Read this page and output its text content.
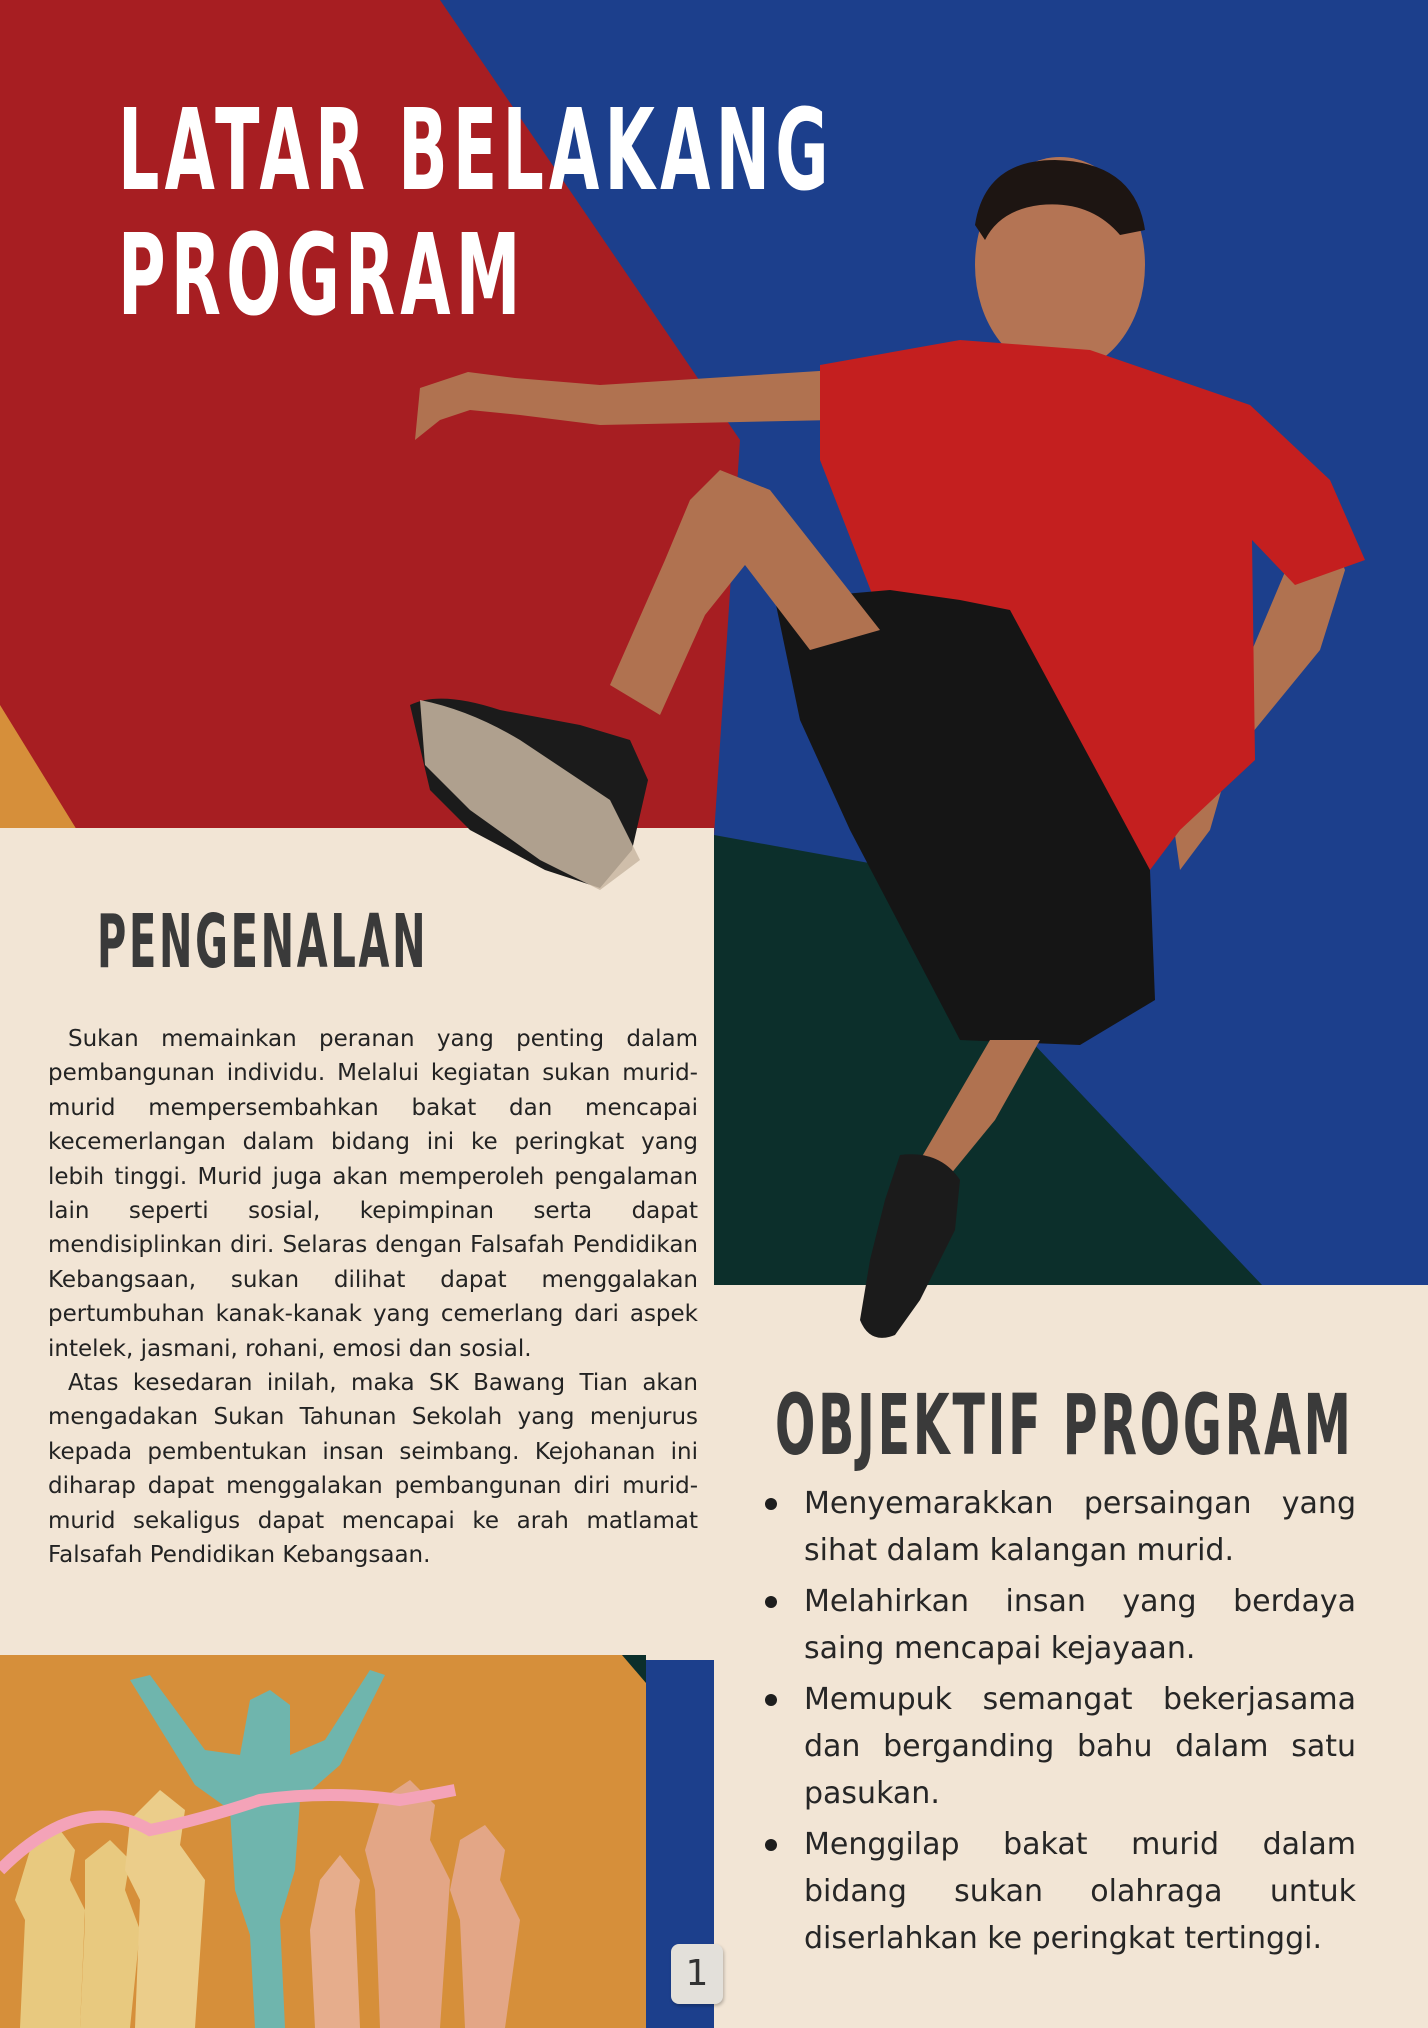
LATAR BELAKANG
PROGRAM
PENGENALAN

Sukan memainkan peranan yang penting dalam pembangunan individu. Melalui kegiatan sukan murid-murid mempersembahkan bakat dan mencapai kecemerlangan dalam bidang ini ke peringkat yang lebih tinggi. Murid juga akan memperoleh pengalaman lain seperti sosial, kepimpinan serta dapat mendisiplinkan diri. Selaras dengan Falsafah Pendidikan Kebangsaan, sukan dilihat dapat menggalakan pertumbuhan kanak-kanak yang cemerlang dari aspek intelek, jasmani, rohani, emosi dan sosial.

Atas kesedaran inilah, maka SK Bawang Tian akan mengadakan Sukan Tahunan Sekolah yang menjurus kepada pembentukan insan seimbang. Kejohanan ini diharap dapat menggalakan pembangunan diri murid-murid sekaligus dapat mencapai ke arah matlamat Falsafah Pendidikan Kebangsaan.

OBJEKTIF PROGRAM
Menyemarakkan persaingan yang sihat dalam kalangan murid.
Melahirkan insan yang berdaya saing mencapai kejayaan.
Memupuk semangat bekerjasama dan berganding bahu dalam satu pasukan.
Menggilap bakat murid dalam bidang sukan olahraga untuk diserlahkan ke peringkat tertinggi.
1
